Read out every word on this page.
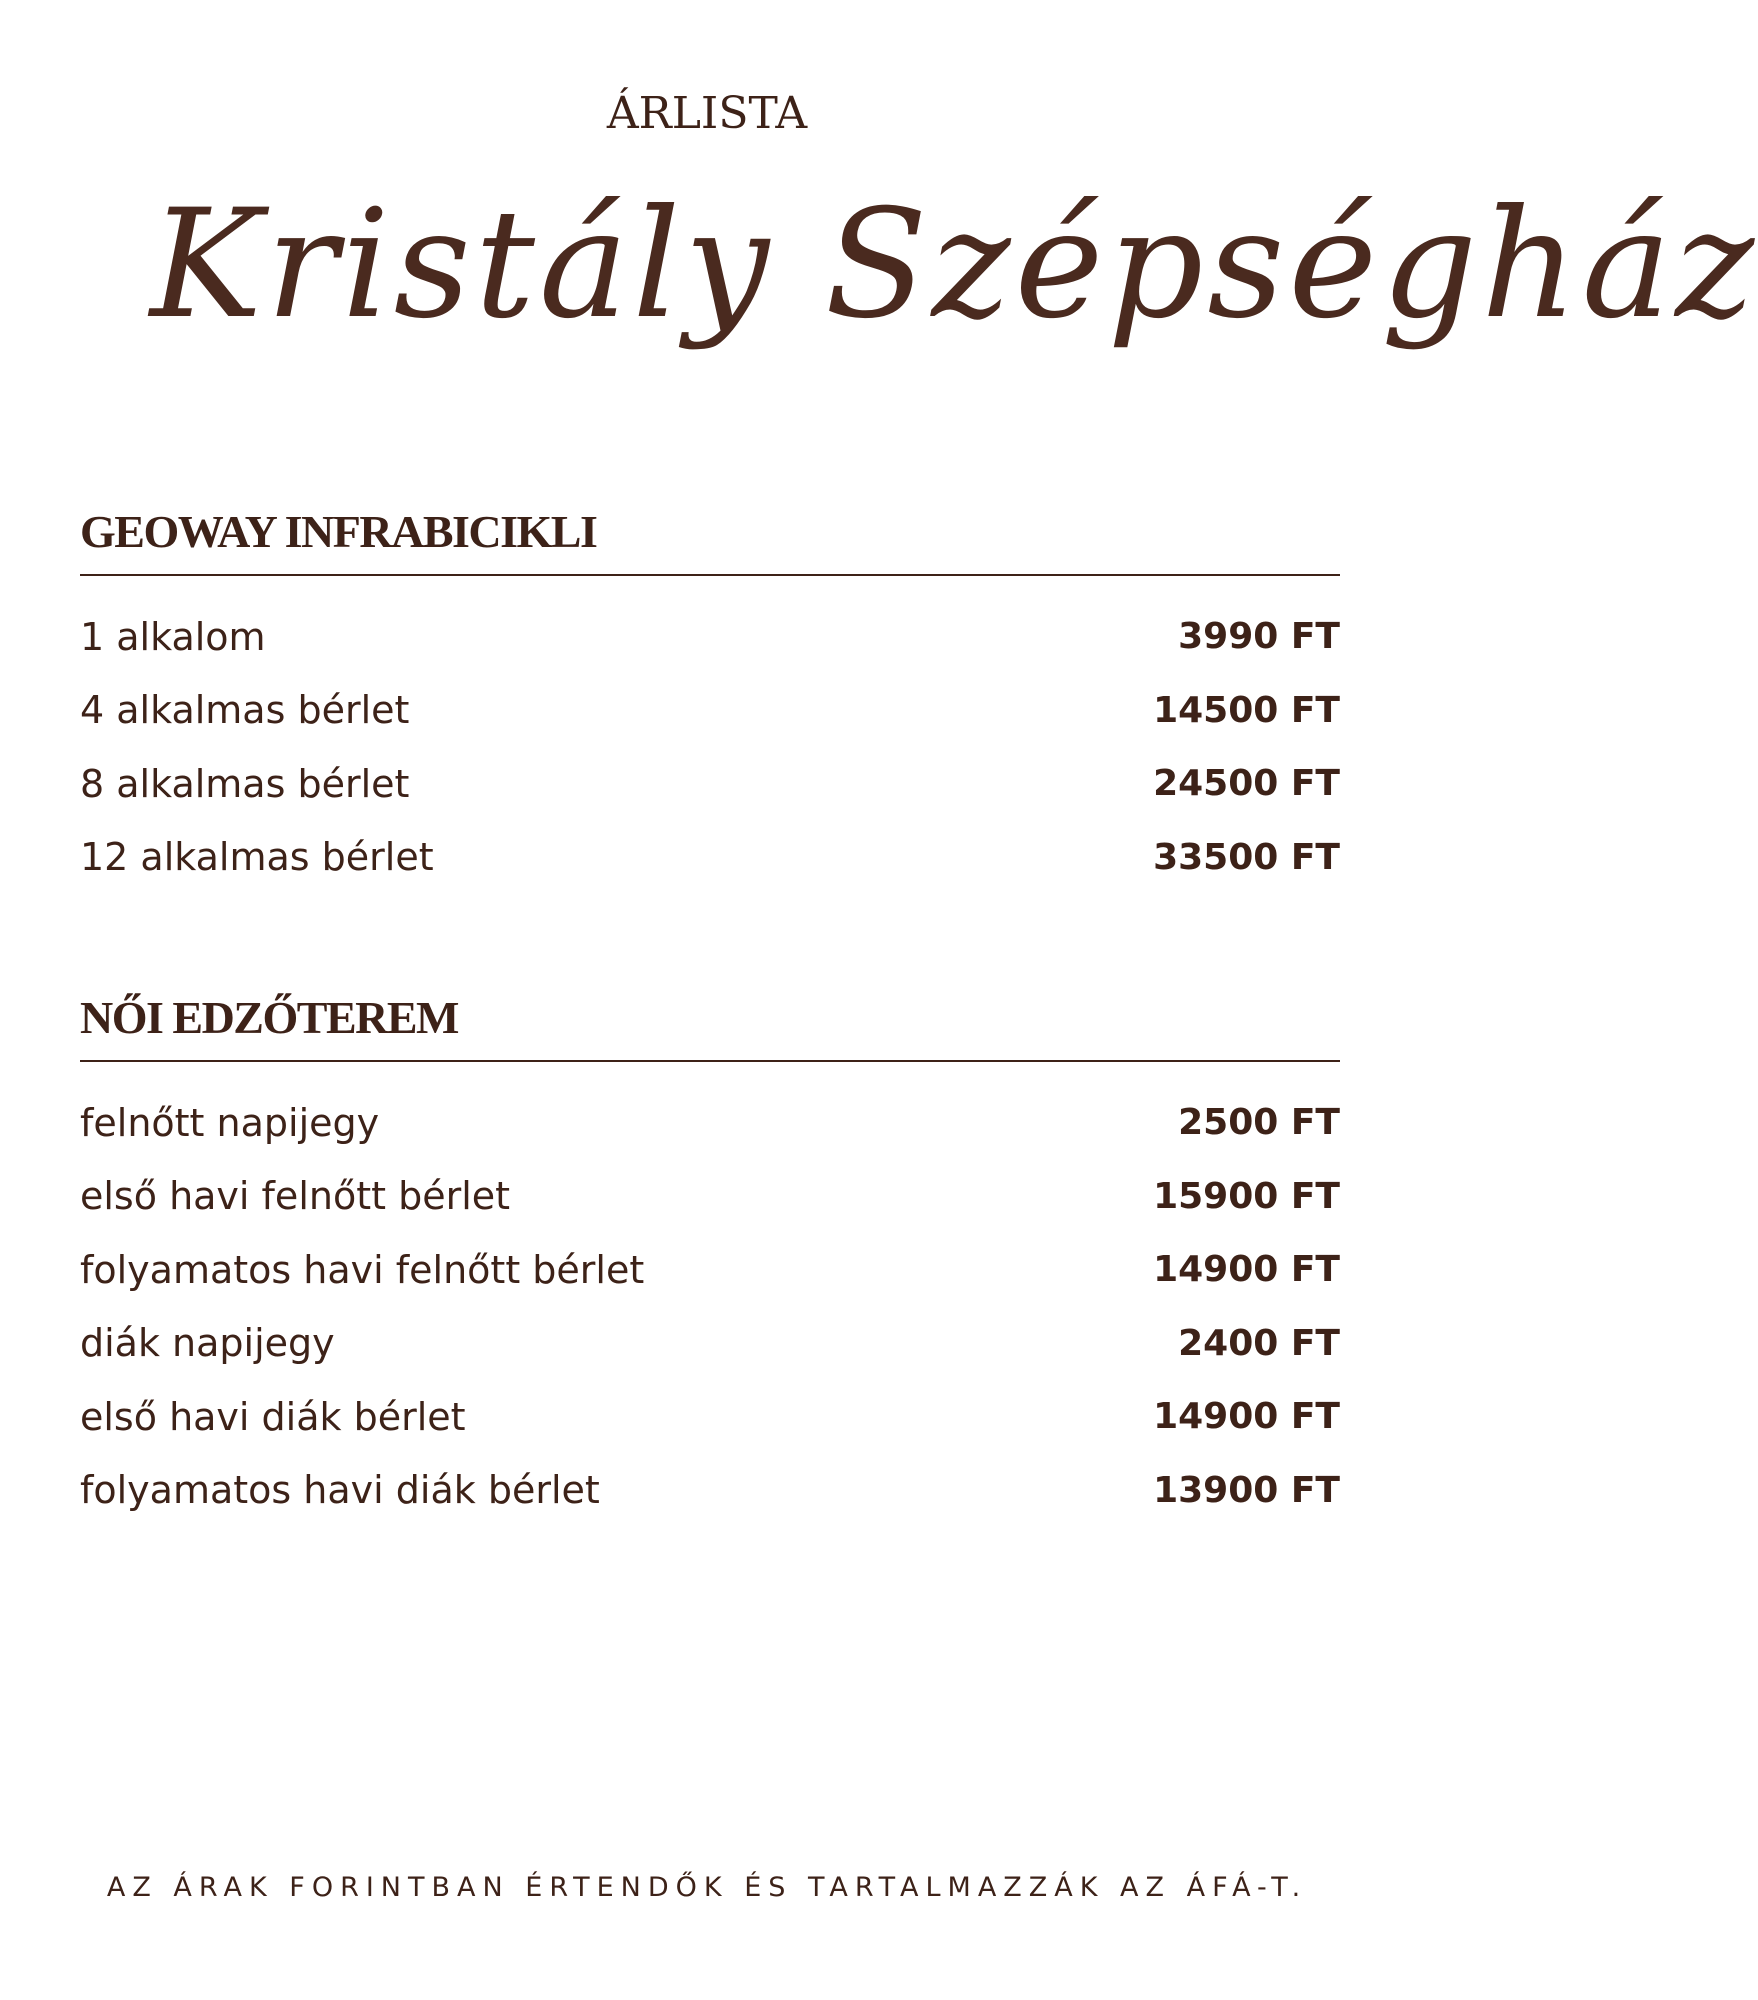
ÁRLISTA
Kristály Szépségház
GEOWAY INFRABICIKLI
1 alkalom	3990 FT
4 alkalmas bérlet	14500 FT
8 alkalmas bérlet	24500 FT
12 alkalmas bérlet	33500 FT
NŐI EDZŐTEREM
felnőtt napijegy	2500 FT
első havi felnőtt bérlet	15900 FT
folyamatos havi felnőtt bérlet	14900 FT
diák napijegy	2400 FT
első havi diák bérlet	14900 FT
folyamatos havi diák bérlet	13900 FT
AZ ÁRAK FORINTBAN ÉRTENDŐK ÉS TARTALMAZZÁK AZ ÁFÁ-T.
